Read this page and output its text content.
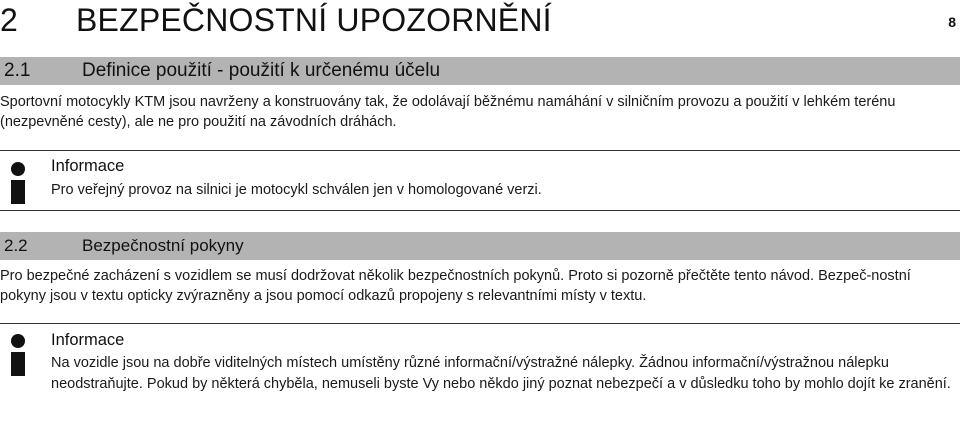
2 BEZPEČNOSTNÍ UPOZORNĚNÍ	8
2.1	Definice použití - použití k určenému účelu
Sportovní motocykly KTM jsou navrženy a konstruovány tak, že odolávají běžnému namáhání v silničním provozu a použití v lehkém terénu (nezpevněné cesty), ale ne pro použití na závodních dráhách.
Informace
Pro veřejný provoz na silnici je motocykl schválen jen v homologované verzi.
2.2	Bezpečnostní pokyny
Pro bezpečné zacházení s vozidlem se musí dodržovat několik bezpečnostních pokynů. Proto si pozorně přečtěte tento návod. Bezpeč-nostní pokyny jsou v textu opticky zvýrazněny a jsou pomocí odkazů propojeny s relevantními místy v textu.
Informace
Na vozidle jsou na dobře viditelných místech umístěny různé informační/výstražné nálepky. Žádnou informační/výstražnou nálepku neodstraňujte. Pokud by některá chyběla, nemuseli byste Vy nebo někdo jiný poznat nebezpečí a v důsledku toho by mohlo dojít ke zranění.
